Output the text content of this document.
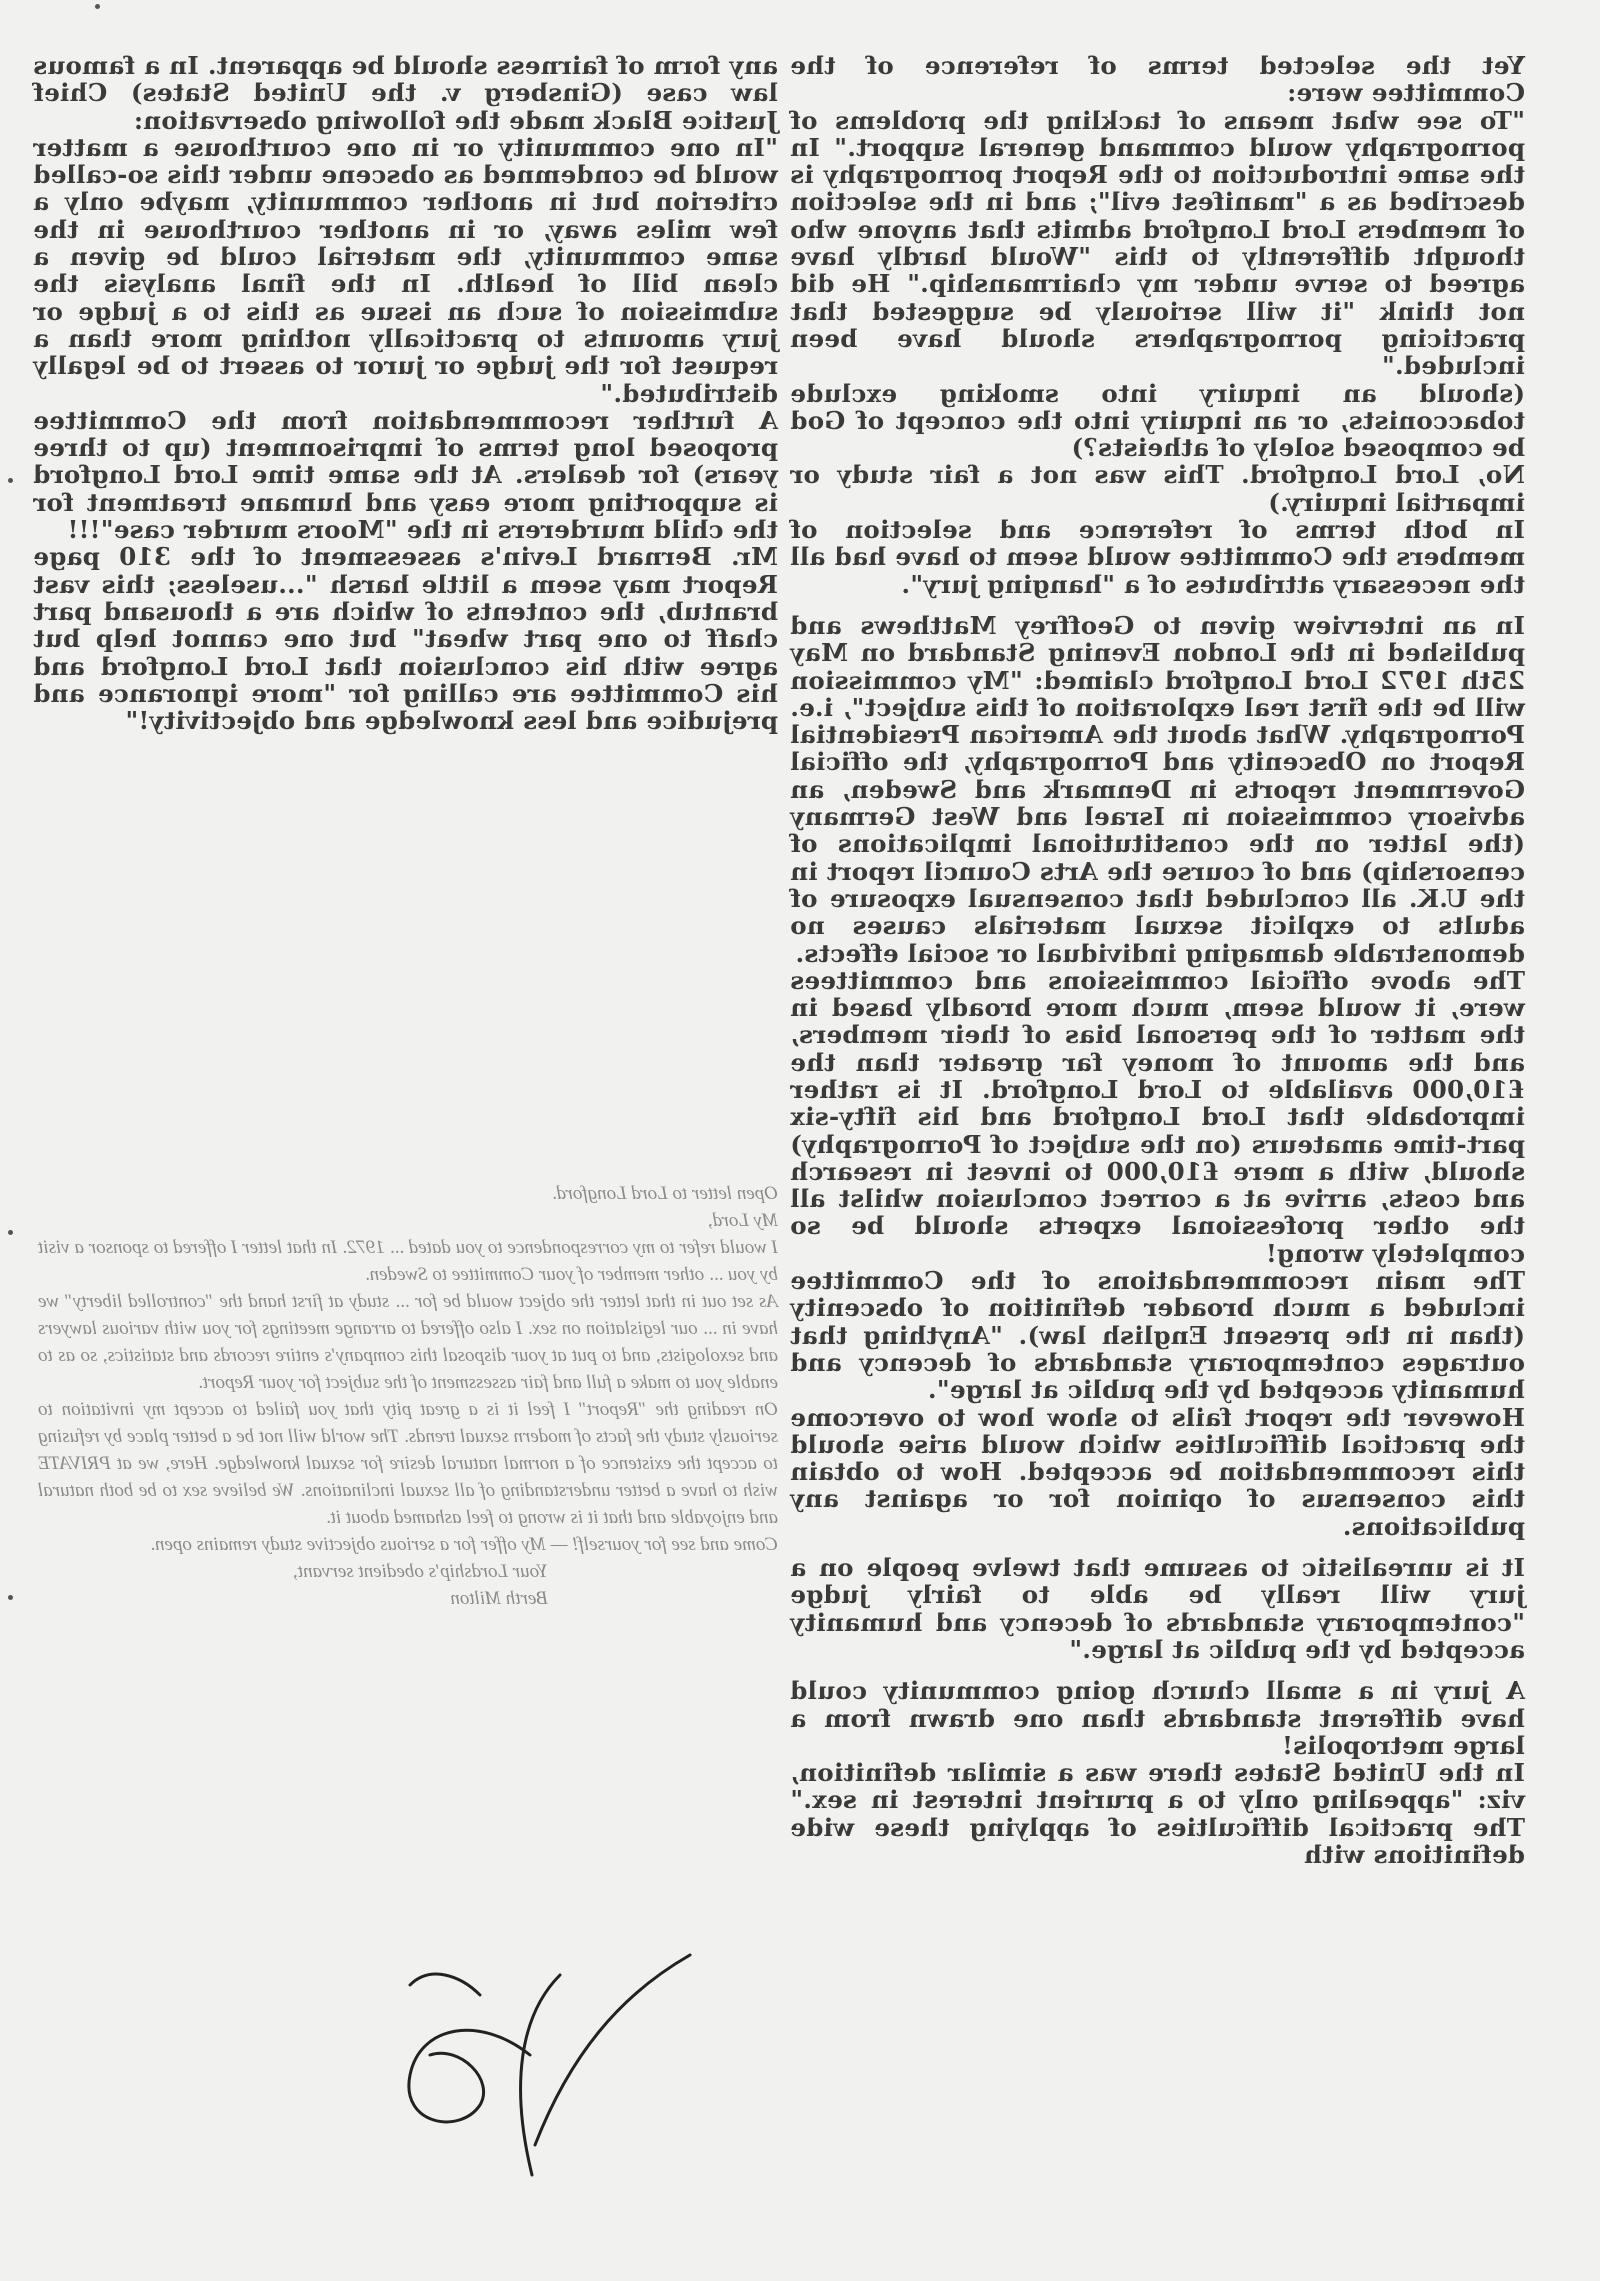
Yet the selected terms of reference of the Committee were:

"To see what means of tackling the problems of pornography would command general support." In the same introduction to the Report pornography is described as a "manifest evil"; and in the selection of members Lord Longford admits that anyone who thought differently to this "Would hardly have agreed to serve under my chairmanship." He did not think "it will seriously be suggested that practicing pornographers should have been included."

(should an inquiry into smoking exclude tobacconists, or an inquiry into the concept of God be composed solely of atheists?)

No, Lord Longford. This was not a fair study or impartial inquiry.)

In both terms of reference and selection of members the Committee would seem to have had all the necessary attributes of a "hanging jury".

In an interview given to Geoffrey Matthews and published in the London Evening Standard on May 25th 1972 Lord Longford claimed: "My commission will be the first real exploration of this subject", i.e. Pornography. What about the American Presidential Report on Obscenity and Pornography, the official Government reports in Denmark and Sweden, an advisory commission in Israel and West Germany (the latter on the constitutional implications of censorship) and of course the Arts Council report in the U.K. all concluded that consensual exposure of adults to explicit sexual materials causes no demonstrable damaging individual or social effects.

The above official commissions and committees were, it would seem, much more broadly based in the matter of the personal bias of their members, and the amount of money far greater than the £10,000 available to Lord Longford. It is rather improbable that Lord Longford and his fifty-six part-time amateurs (on the subject of Pornography) should, with a mere £10,000 to invest in research and costs, arrive at a correct conclusion whilst all the other professional experts should be so completely wrong!

The main recommendations of the Committee included a much broader definition of obscenity (than in the present English law). "Anything that outrages contemporary standards of decency and humanity accepted by the public at large".

However the report fails to show how to overcome the practical difficulties which would arise should this recommendation be accepted. How to obtain this consensus of opinion for or against any publications.

It is unrealistic to assume that twelve people on a jury will really be able to fairly judge "contemporary standards of decency and humanity accepted by the public at large."

A jury in a small church going community could have different standards than one drawn from a large metropolis!

In the United States there was a similar definition, viz: "appealing only to a prurient interest in sex." The practical difficulties of applying these wide definitions with

any form of fairness should be apparent. In a famous law case (Ginsberg v. the United States) Chief Justice Black made the following observation:

"In one community or in one courthouse a matter would be condemned as obscene under this so-called criterion but in another community, maybe only a few miles away, or in another courthouse in the same community, the material could be given a clean bill of health. In the final analysis the submission of such an issue as this to a judge or jury amounts to practically nothing more than a request for the judge or juror to assert to be legally distributed."

A further recommendation from the Committee proposed long terms of imprisonment (up to three years) for dealers. At the same time Lord Longford is supporting more easy and humane treatment for the child murderers in the "Moors murder case"!!!

Mr. Bernard Levin's assessment of the 310 page Report may seem a little harsh "...useless; this vast brantub, the contents of which are a thousand part chaff to one part wheat" but one cannot help but agree with his conclusion that Lord Longford and his Committee are calling for "more ignorance and prejudice and less knowledge and objectivity!"

Open letter to Lord Longford.

My Lord,

I would refer to my correspondence to you dated ... 1972. In that letter I offered to sponsor a visit by you ... other member of your Committee to Sweden.

As set out in that letter the object would be for ... study at first hand the "controlled liberty" we have in ... our legislation on sex. I also offered to arrange meetings for you with various lawyers and sexologists, and to put at your disposal this company's entire records and statistics, so as to enable you to make a full and fair assessment of the subject for your Report.

On reading the "Report" I feel it is a great pity that you failed to accept my invitation to seriously study the facts of modern sexual trends. The world will not be a better place by refusing to accept the existence of a normal natural desire for sexual knowledge. Here, we at PRIVATE wish to have a better understanding of all sexual inclinations. We believe sex to be both natural and enjoyable and that it is wrong to feel ashamed about it.

Come and see for yourself! — My offer for a serious objective study remains open.

Your Lordship's obedient servant,

Berth Milton
